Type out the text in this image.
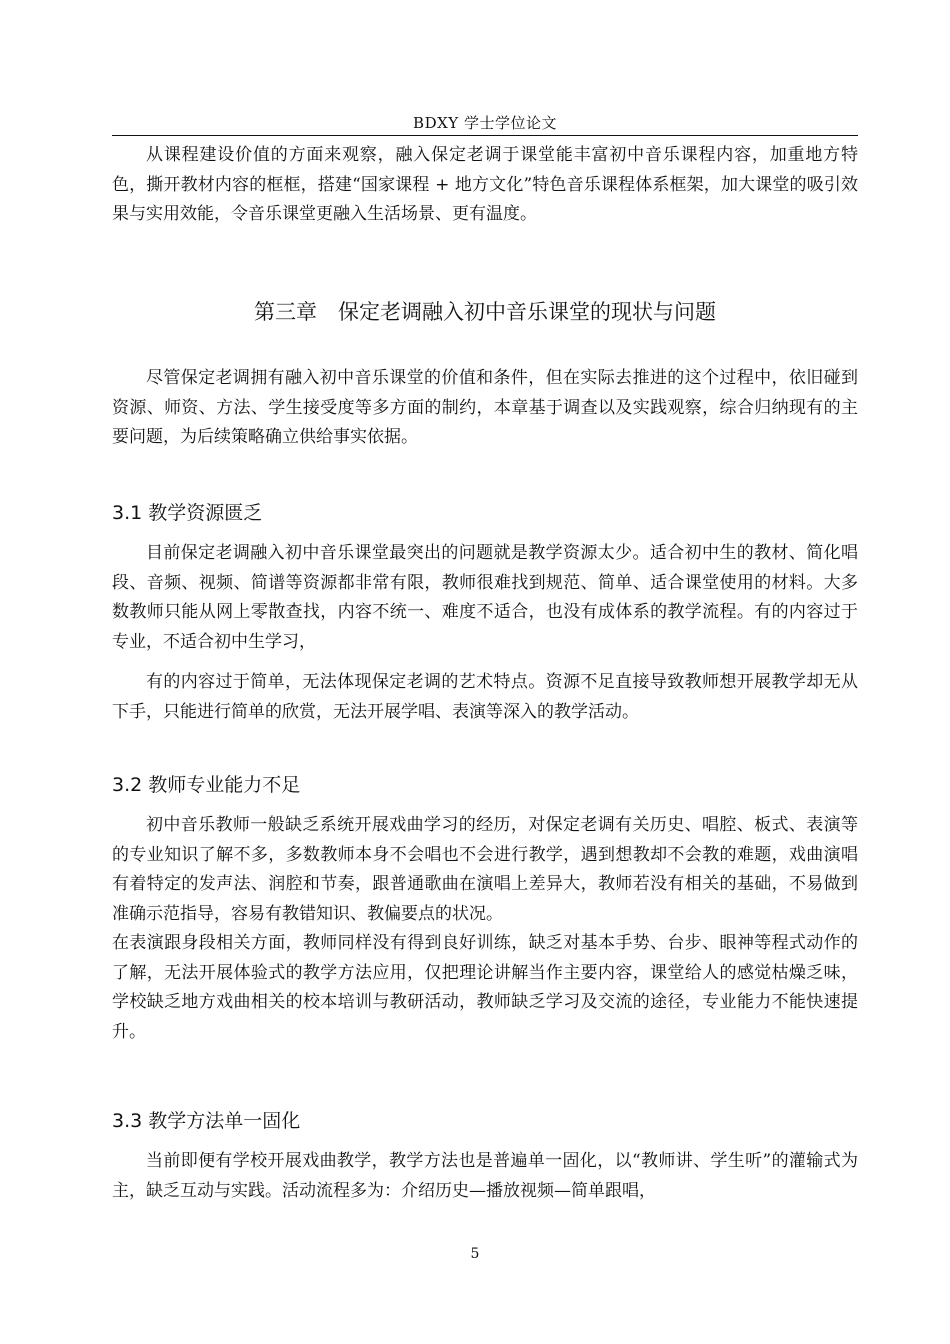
BDXY 学士学位论文

从课程建设价值的方面来观察，融入保定老调于课堂能丰富初中音乐课程内容，加重地方特色，撕开教材内容的框框，搭建“国家课程 + 地方文化”特色音乐课程体系框架，加大课堂的吸引效果与实用效能，令音乐课堂更融入生活场景、更有温度。

第三章　保定老调融入初中音乐课堂的现状与问题

尽管保定老调拥有融入初中音乐课堂的价值和条件，但在实际去推进的这个过程中，依旧碰到资源、师资、方法、学生接受度等多方面的制约，本章基于调查以及实践观察，综合归纳现有的主要问题，为后续策略确立供给事实依据。

3.1 教学资源匮乏

目前保定老调融入初中音乐课堂最突出的问题就是教学资源太少。适合初中生的教材、简化唱段、音频、视频、简谱等资源都非常有限，教师很难找到规范、简单、适合课堂使用的材料。大多数教师只能从网上零散查找，内容不统一、难度不适合，也没有成体系的教学流程。有的内容过于专业，不适合初中生学习，

有的内容过于简单，无法体现保定老调的艺术特点。资源不足直接导致教师想开展教学却无从下手，只能进行简单的欣赏，无法开展学唱、表演等深入的教学活动。

3.2 教师专业能力不足

初中音乐教师一般缺乏系统开展戏曲学习的经历，对保定老调有关历史、唱腔、板式、表演等的专业知识了解不多，多数教师本身不会唱也不会进行教学，遇到想教却不会教的难题，戏曲演唱有着特定的发声法、润腔和节奏，跟普通歌曲在演唱上差异大，教师若没有相关的基础，不易做到准确示范指导，容易有教错知识、教偏要点的状况。

在表演跟身段相关方面，教师同样没有得到良好训练，缺乏对基本手势、台步、眼神等程式动作的了解，无法开展体验式的教学方法应用，仅把理论讲解当作主要内容，课堂给人的感觉枯燥乏味，学校缺乏地方戏曲相关的校本培训与教研活动，教师缺乏学习及交流的途径，专业能力不能快速提升。

3.3 教学方法单一固化

当前即便有学校开展戏曲教学，教学方法也是普遍单一固化，以“教师讲、学生听”的灌输式为主，缺乏互动与实践。活动流程多为：介绍历史—播放视频—简单跟唱，

5
